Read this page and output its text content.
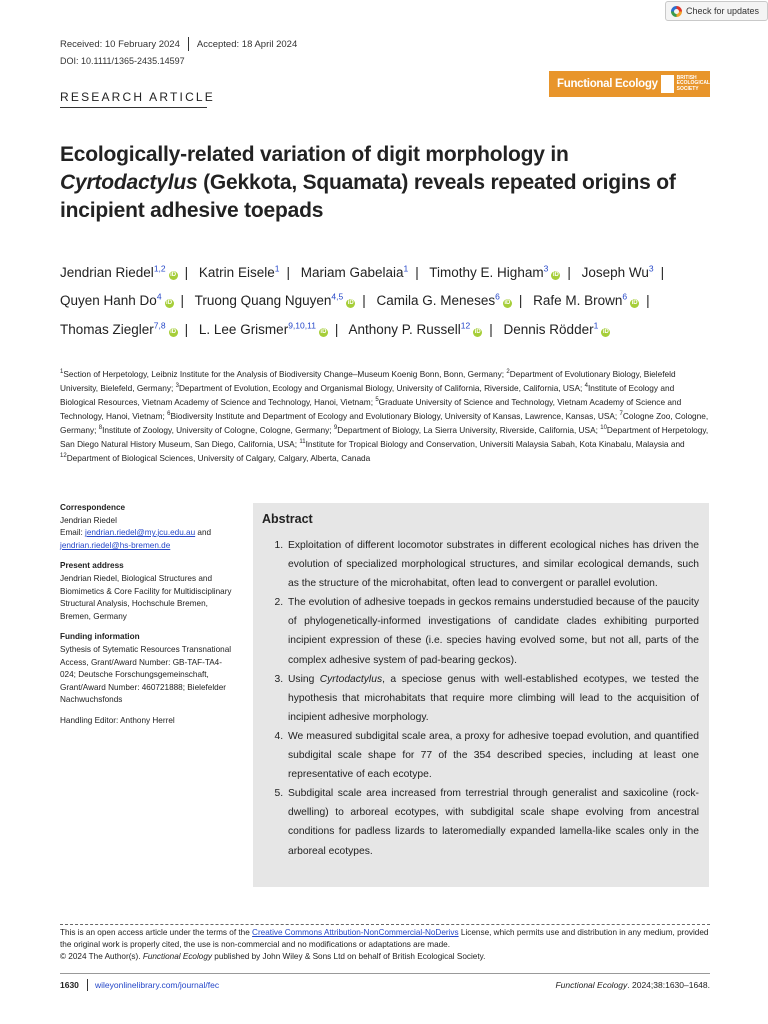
Check for updates
Received: 10 February 2024 Accepted: 18 April 2024
DOI: 10.1111/1365-2435.14597
RESEARCH ARTICLE
Functional Ecology
BRITISH
ECOLOGICAL
SOCIETY
Ecologically-related variation of digit morphology in
Cyrtodactylus (Gekkota, Squamata) reveals repeated origins of incipient adhesive toepads
Jendrian Riedel$^{1,2}$iD | Katrin Eisele$^1$ | Mariam Gabelaia$^1$ | Timothy E. Higham$^3$iD | Joseph Wu$^3$ | Quyen Hanh Do$^4$iD | Truong Quang Nguyen$^{4,5}$iD | Camila G. Meneses$^6$iD | Rafe M. Brown$^6$iD | Thomas Ziegler$^{7,8}$iD | L. Lee Grismer$^{9,10,11}$iD | Anthony P. Russell$^{12}$iD | Dennis Rödder$^1$iD
$^1$Section of Herpetology, Leibniz Institute for the Analysis of Biodiversity Change–Museum Koenig Bonn, Bonn, Germany; $^2$Department of Evolutionary Biology, Bielefeld University, Bielefeld, Germany; $^3$Department of Evolution, Ecology and Organismal Biology, University of California, Riverside, California, USA; $^4$Institute of Ecology and Biological Resources, Vietnam Academy of Science and Technology, Hanoi, Vietnam; $^5$Graduate University of Science and Technology, Vietnam Academy of Science and Technology, Hanoi, Vietnam; $^6$Biodiversity Institute and Department of Ecology and Evolutionary Biology, University of Kansas, Lawrence, Kansas, USA; $^7$Cologne Zoo, Cologne, Germany; $^8$Institute of Zoology, University of Cologne, Cologne, Germany; $^9$Department of Biology, La Sierra University, Riverside, California, USA; $^{10}$Department of Herpetology, San Diego Natural History Museum, San Diego, California, USA; $^{11}$Institute for Tropical Biology and Conservation, Universiti Malaysia Sabah, Kota Kinabalu, Malaysia and $^{12}$Department of Biological Sciences, University of Calgary, Calgary, Alberta, Canada
Correspondence
Jendrian Riedel
Email: jendrian.riedel@my.jcu.edu.au and
jendrian.riedel@hs-bremen.de
Present address
Jendrian Riedel, Biological Structures and Biomimetics & Core Facility for Multidisciplinary Structural Analysis, Hochschule Bremen, Bremen, Germany
Funding information
Sythesis of Sytematic Resources Transnational Access, Grant/Award Number: GB-TAF-TA4-024; Deutsche Forschungsgemeinschaft, Grant/Award Number: 460721888; Bielefelder Nachwuchsfonds
Handling Editor: Anthony Herrel
Abstract
1. Exploitation of different locomotor substrates in different ecological niches has driven the evolution of specialized morphological structures, and similar ecological demands, such as the structure of the microhabitat, often lead to convergent or parallel evolution.
2. The evolution of adhesive toepads in geckos remains understudied because of the paucity of phylogenetically-informed investigations of candidate clades exhibiting purported incipient expression of these (i.e. species having evolved some, but not all, parts of the complex adhesive system of pad-bearing geckos).
3. Using Cyrtodactylus, a speciose genus with well-established ecotypes, we tested the hypothesis that microhabitats that require more climbing will lead to the acquisition of incipient adhesive morphology.
4. We measured subdigital scale area, a proxy for adhesive toepad evolution, and quantified subdigital scale shape for 77 of the 354 described species, including at least one representative of each ecotype.
5. Subdigital scale area increased from terrestrial through generalist and saxicoline (rock-dwelling) to arboreal ecotypes, with subdigital scale shape evolving from ancestral conditions for padless lizards to lateromedially expanded lamella-like scales only in the arboreal ecotypes.
This is an open access article under the terms of the Creative Commons Attribution-NonCommercial-NoDerivs License, which permits use and distribution in any medium, provided the original work is properly cited, the use is non-commercial and no modifications or adaptations are made.
© 2024 The Author(s). Functional Ecology published by John Wiley & Sons Ltd on behalf of British Ecological Society.
1630 wileyonlinelibrary.com/journal/fec	Functional Ecology. 2024;38:1630–1648.
